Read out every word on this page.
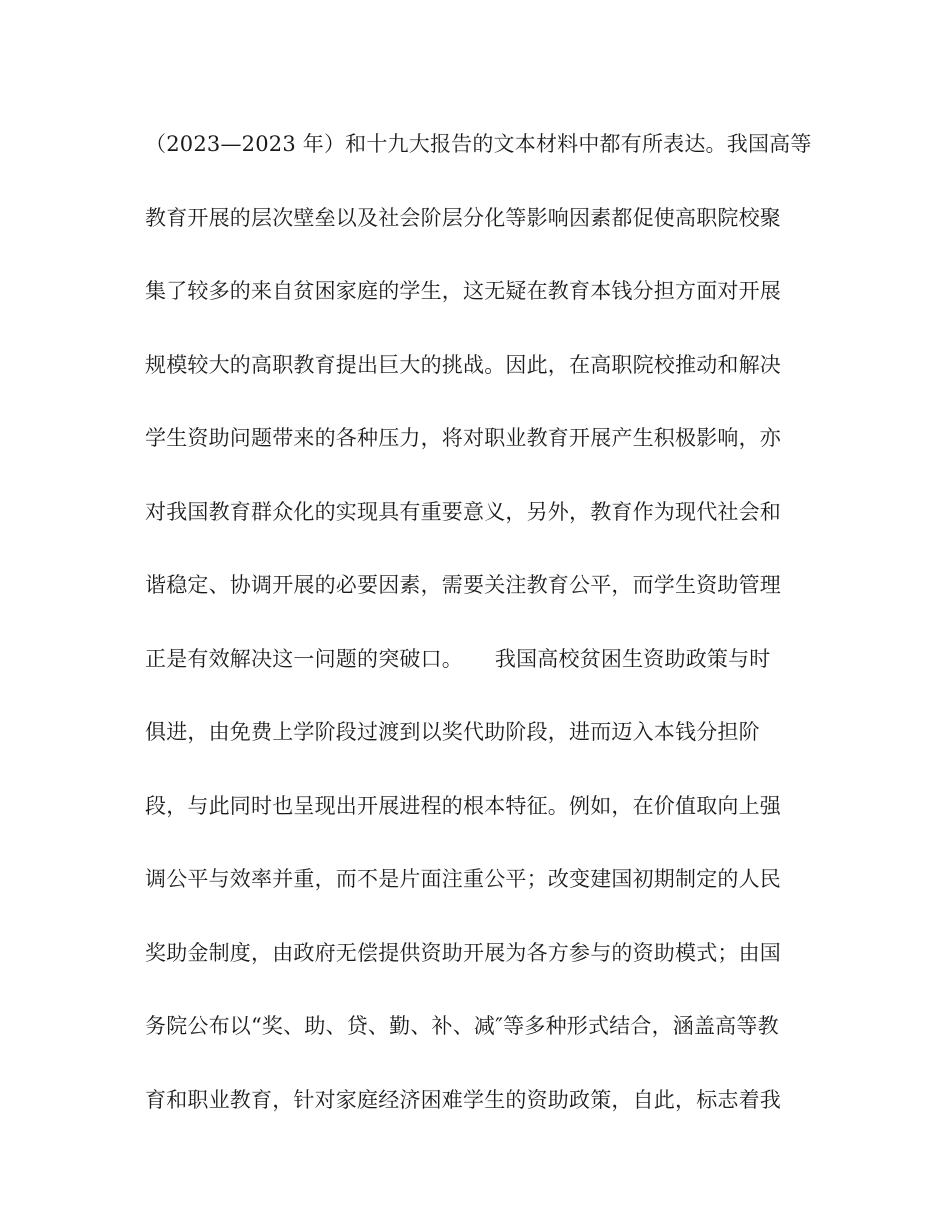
（2023—2023 年）和十九大报告的文本材料中都有所表达。我国高等
教育开展的层次壁垒以及社会阶层分化等影响因素都促使高职院校聚
集了较多的来自贫困家庭的学生，这无疑在教育本钱分担方面对开展
规模较大的高职教育提出巨大的挑战。因此，在高职院校推动和解决
学生资助问题带来的各种压力，将对职业教育开展产生积极影响，亦
对我国教育群众化的实现具有重要意义，另外，教育作为现代社会和
谐稳定、协调开展的必要因素，需要关注教育公平，而学生资助管理
正是有效解决这一问题的突破口。　　我国高校贫困生资助政策与时
俱进，由免费上学阶段过渡到以奖代助阶段，进而迈入本钱分担阶
段，与此同时也呈现出开展进程的根本特征。例如，在价值取向上强
调公平与效率并重，而不是片面注重公平；改变建国初期制定的人民
奖助金制度，由政府无偿提供资助开展为各方参与的资助模式；由国
务院公布以“奖、助、贷、勤、补、减″等多种形式结合，涵盖高等教
育和职业教育，针对家庭经济困难学生的资助政策，自此，标志着我
